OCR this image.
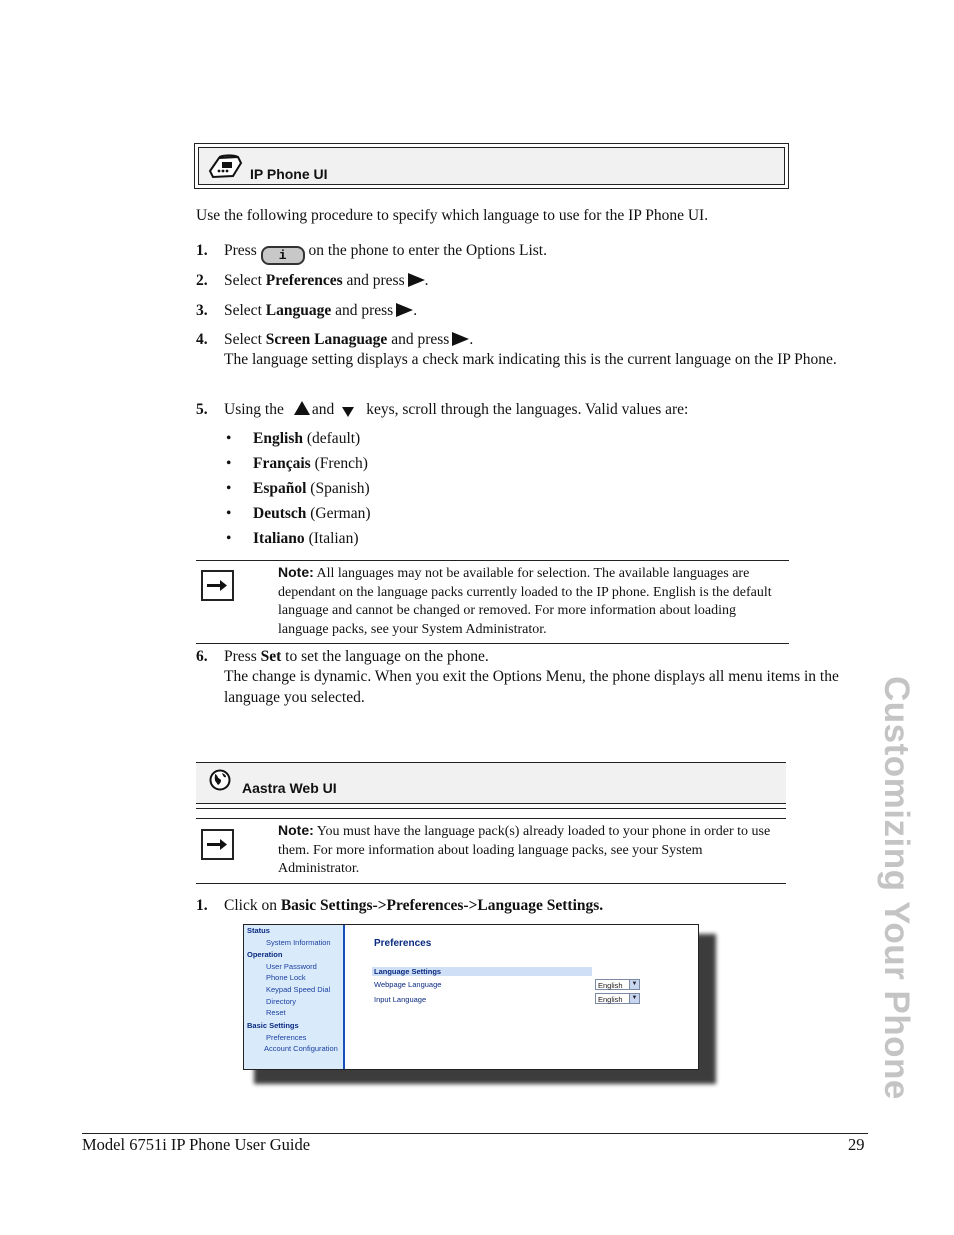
IP Phone UI
Use the following procedure to specify which language to use for the IP Phone UI.
1. Press i on the phone to enter the Options List.
2. Select Preferences and press .
3. Select Language and press .
4. Select Screen Lanaguage and press .
The language setting displays a check mark indicating this is the current language on the IP Phone.
5. Using the and keys, scroll through the languages. Valid values are:
• English (default)
• Français (French)
• Español (Spanish)
• Deutsch (German)
• Italiano (Italian)
Note: All languages may not be available for selection. The available languages are dependant on the language packs currently loaded to the IP phone. English is the default language and cannot be changed or removed. For more information about loading language packs, see your System Administrator.
6. Press Set to set the language on the phone.
The change is dynamic. When you exit the Options Menu, the phone displays all menu items in the language you selected.
Aastra Web UI
Note: You must have the language pack(s) already loaded to your phone in order to use them. For more information about loading language packs, see your System Administrator.
1. Click on Basic Settings->Preferences->Language Settings.
Status
System Information
Operation
User Password
Phone Lock
Keypad Speed Dial
Directory
Reset
Basic Settings
Preferences
Account Configuration
Preferences
Language Settings
Webpage Language	English	▼
Input Language	English	▼	Customizing Your Phone
Model 6751i IP Phone User Guide	29
